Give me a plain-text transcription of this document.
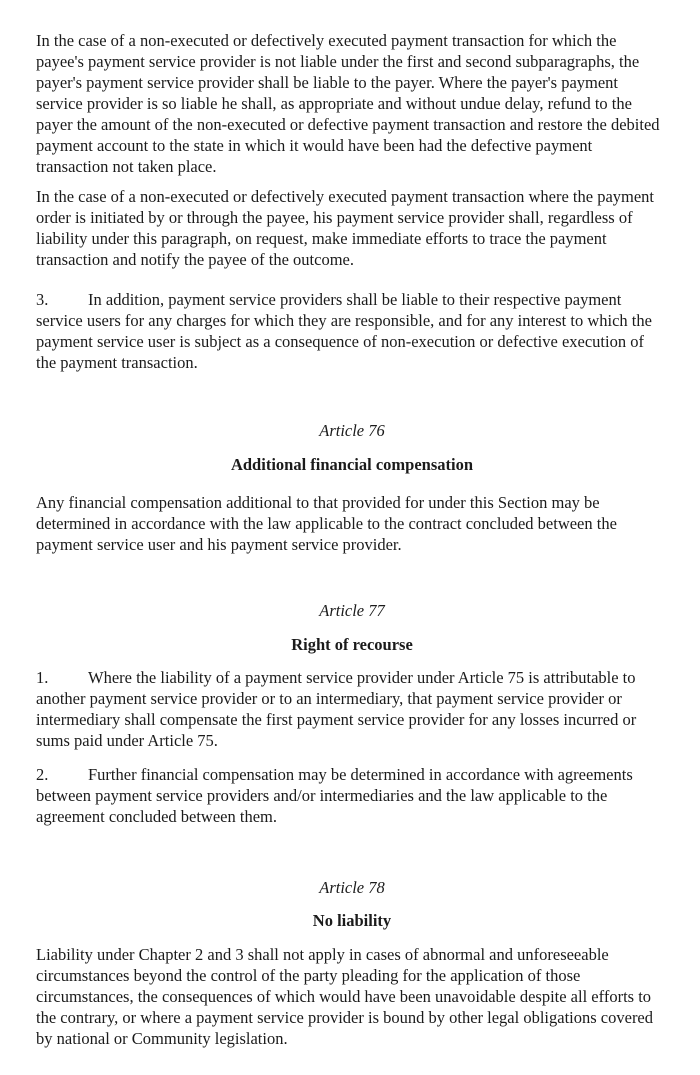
In the case of a non-executed or defectively executed payment transaction for which the payee's payment service provider is not liable under the first and second subparagraphs, the payer's payment service provider shall be liable to the payer. Where the payer's payment service provider is so liable he shall, as appropriate and without undue delay, refund to the payer the amount of the non-executed or defective payment transaction and restore the debited payment account to the state in which it would have been had the defective payment transaction not taken place.

In the case of a non-executed or defectively executed payment transaction where the payment order is initiated by or through the payee, his payment service provider shall, regardless of liability under this paragraph, on request, make immediate efforts to trace the payment transaction and notify the payee of the outcome.

3. In addition, payment service providers shall be liable to their respective payment service users for any charges for which they are responsible, and for any interest to which the payment service user is subject as a consequence of non-execution or defective execution of the payment transaction.

Article 76
Additional financial compensation

Any financial compensation additional to that provided for under this Section may be determined in accordance with the law applicable to the contract concluded between the payment service user and his payment service provider.

Article 77
Right of recourse

1. Where the liability of a payment service provider under Article 75 is attributable to another payment service provider or to an intermediary, that payment service provider or intermediary shall compensate the first payment service provider for any losses incurred or sums paid under Article 75.

2. Further financial compensation may be determined in accordance with agreements between payment service providers and/or intermediaries and the law applicable to the agreement concluded between them.

Article 78
No liability

Liability under Chapter 2 and 3 shall not apply in cases of abnormal and unforeseeable circumstances beyond the control of the party pleading for the application of those circumstances, the consequences of which would have been unavoidable despite all efforts to the contrary, or where a payment service provider is bound by other legal obligations covered by national or Community legislation.
